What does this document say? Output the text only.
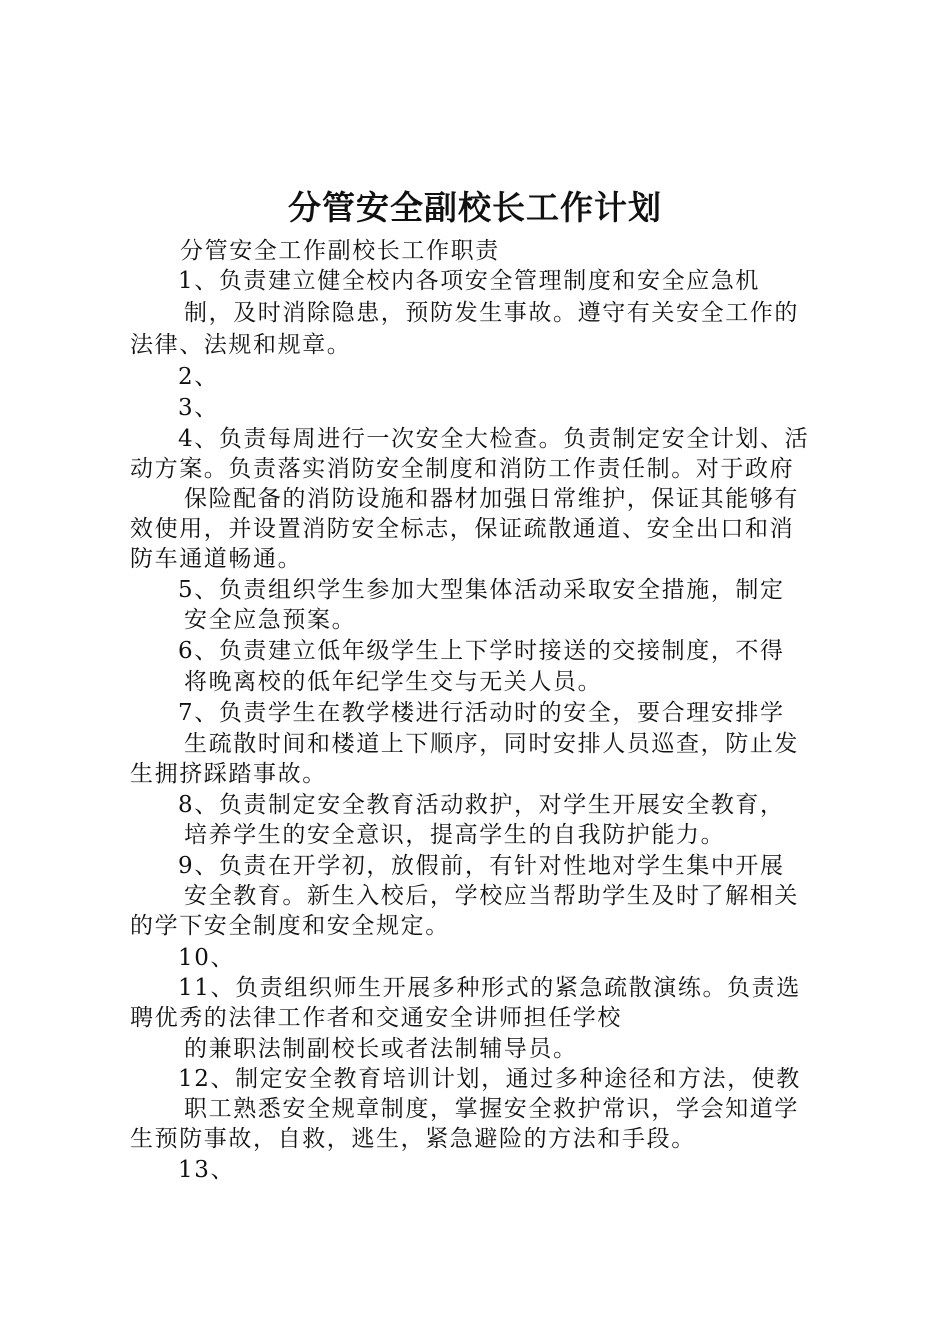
分管安全副校长工作计划
分管安全工作副校长工作职责
1、负责建立健全校内各项安全管理制度和安全应急机
制，及时消除隐患，预防发生事故。遵守有关安全工作的
法律、法规和规章。
2、
3、
4、负责每周进行一次安全大检查。负责制定安全计划、活
动方案。负责落实消防安全制度和消防工作责任制。对于政府
保险配备的消防设施和器材加强日常维护，保证其能够有
效使用，并设置消防安全标志，保证疏散通道、安全出口和消
防车通道畅通。
5、负责组织学生参加大型集体活动采取安全措施，制定
安全应急预案。
6、负责建立低年级学生上下学时接送的交接制度，不得
将晚离校的低年纪学生交与无关人员。
7、负责学生在教学楼进行活动时的安全，要合理安排学
生疏散时间和楼道上下顺序，同时安排人员巡查，防止发
生拥挤踩踏事故。
8、负责制定安全教育活动救护，对学生开展安全教育，
培养学生的安全意识，提高学生的自我防护能力。
9、负责在开学初，放假前，有针对性地对学生集中开展
安全教育。新生入校后，学校应当帮助学生及时了解相关
的学下安全制度和安全规定。
10、
11、负责组织师生开展多种形式的紧急疏散演练。负责选
聘优秀的法律工作者和交通安全讲师担任学校
的兼职法制副校长或者法制辅导员。
12、制定安全教育培训计划，通过多种途径和方法，使教
职工熟悉安全规章制度，掌握安全救护常识，学会知道学
生预防事故，自救，逃生，紧急避险的方法和手段。
13、
